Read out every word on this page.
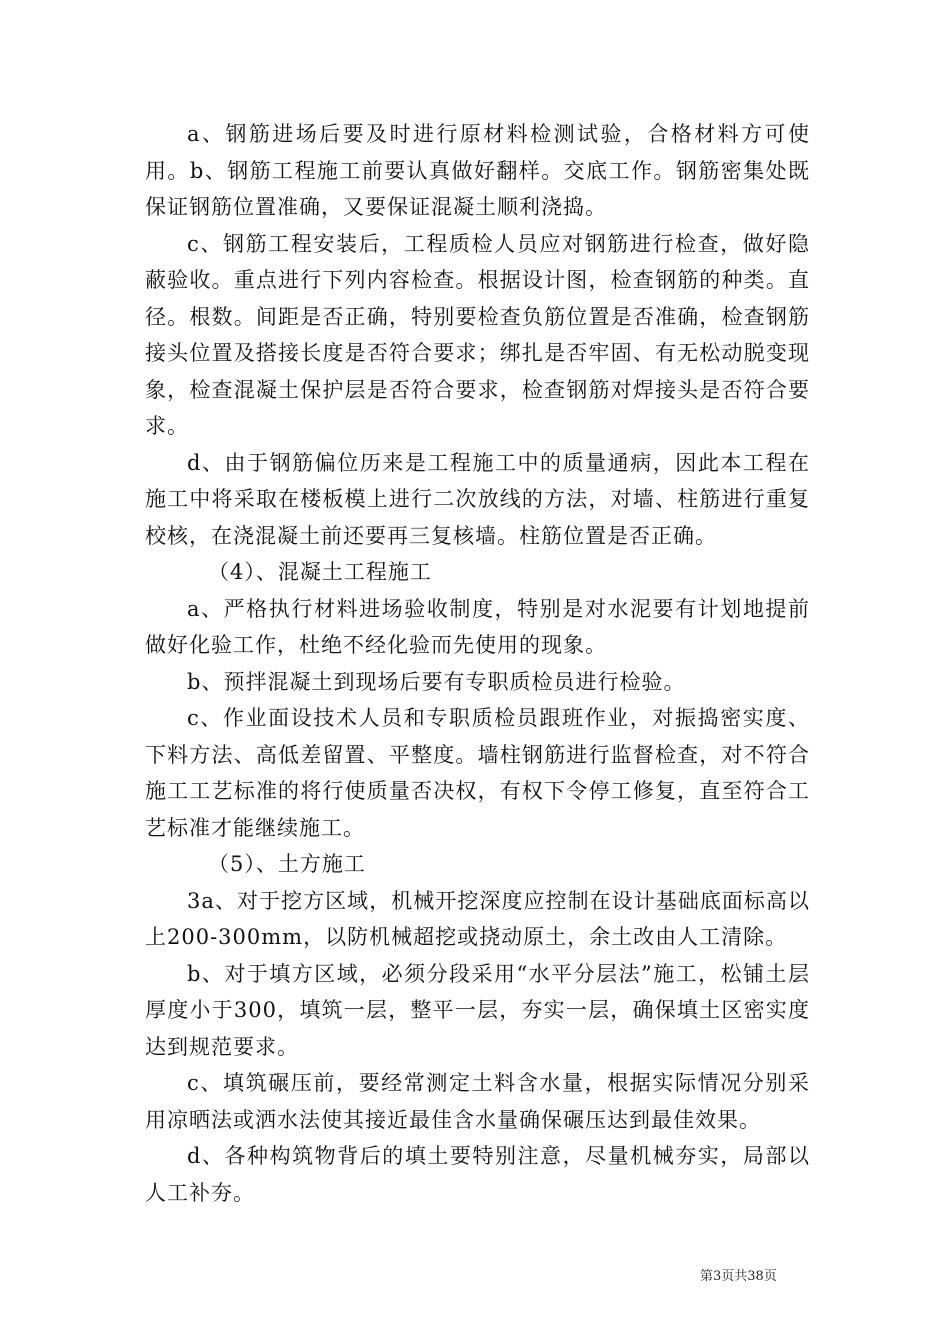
a、钢筋进场后要及时进行原材料检测试验，合格材料方可使用。b、钢筋工程施工前要认真做好翻样。交底工作。钢筋密集处既保证钢筋位置准确，又要保证混凝土顺利浇捣。

c、钢筋工程安装后，工程质检人员应对钢筋进行检查，做好隐蔽验收。重点进行下列内容检查。根据设计图，检查钢筋的种类。直径。根数。间距是否正确，特别要检查负筋位置是否准确，检查钢筋接头位置及搭接长度是否符合要求；绑扎是否牢固、有无松动脱变现象，检查混凝土保护层是否符合要求，检查钢筋对焊接头是否符合要求。

d、由于钢筋偏位历来是工程施工中的质量通病，因此本工程在施工中将采取在楼板模上进行二次放线的方法，对墙、柱筋进行重复校核，在浇混凝土前还要再三复核墙。柱筋位置是否正确。

（4）、混凝土工程施工

a、严格执行材料进场验收制度，特别是对水泥要有计划地提前做好化验工作，杜绝不经化验而先使用的现象。

b、预拌混凝土到现场后要有专职质检员进行检验。

c、作业面设技术人员和专职质检员跟班作业，对振捣密实度、下料方法、高低差留置、平整度。墙柱钢筋进行监督检查，对不符合施工工艺标准的将行使质量否决权，有权下令停工修复，直至符合工艺标准才能继续施工。

（5）、土方施工

3a、对于挖方区域，机械开挖深度应控制在设计基础底面标高以上200-300mm，以防机械超挖或挠动原土，余土改由人工清除。

b、对于填方区域，必须分段采用“水平分层法”施工，松铺土层厚度小于300，填筑一层，整平一层，夯实一层，确保填土区密实度达到规范要求。

c、填筑碾压前，要经常测定土料含水量，根据实际情况分别采用凉晒法或洒水法使其接近最佳含水量确保碾压达到最佳效果。

d、各种构筑物背后的填土要特别注意，尽量机械夯实，局部以人工补夯。

第3页共38页
